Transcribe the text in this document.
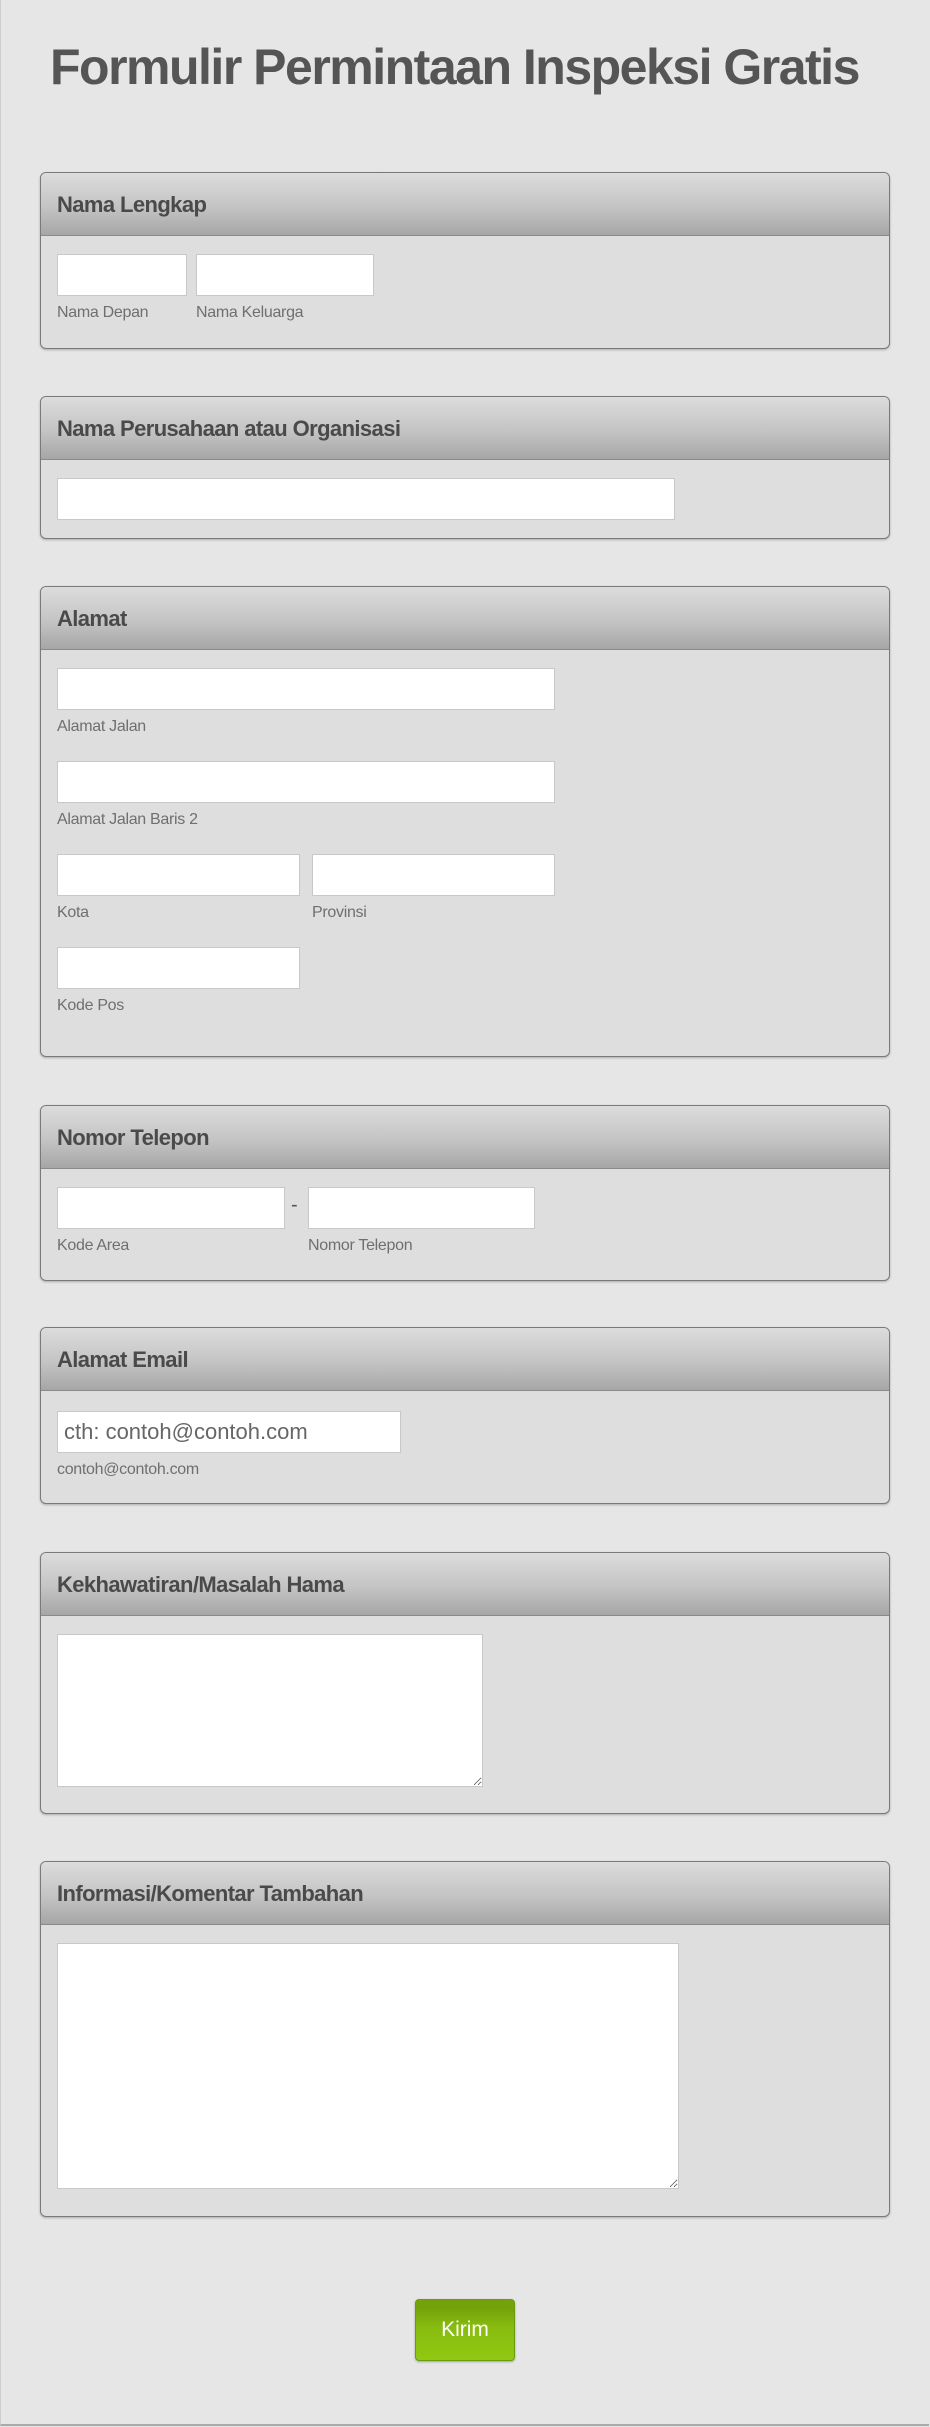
Formulir Permintaan Inspeksi Gratis
Nama Lengkap
Nama Depan	Nama Keluarga
Nama Perusahaan atau Organisasi
Alamat
Alamat Jalan
Alamat Jalan Baris 2
Kota	Provinsi
Kode Pos
Nomor Telepon
-
Kode Area	Nomor Telepon
Alamat Email
cth: contoh@contoh.com
contoh@contoh.com
Kekhawatiran/Masalah Hama
Informasi/Komentar Tambahan
Kirim
